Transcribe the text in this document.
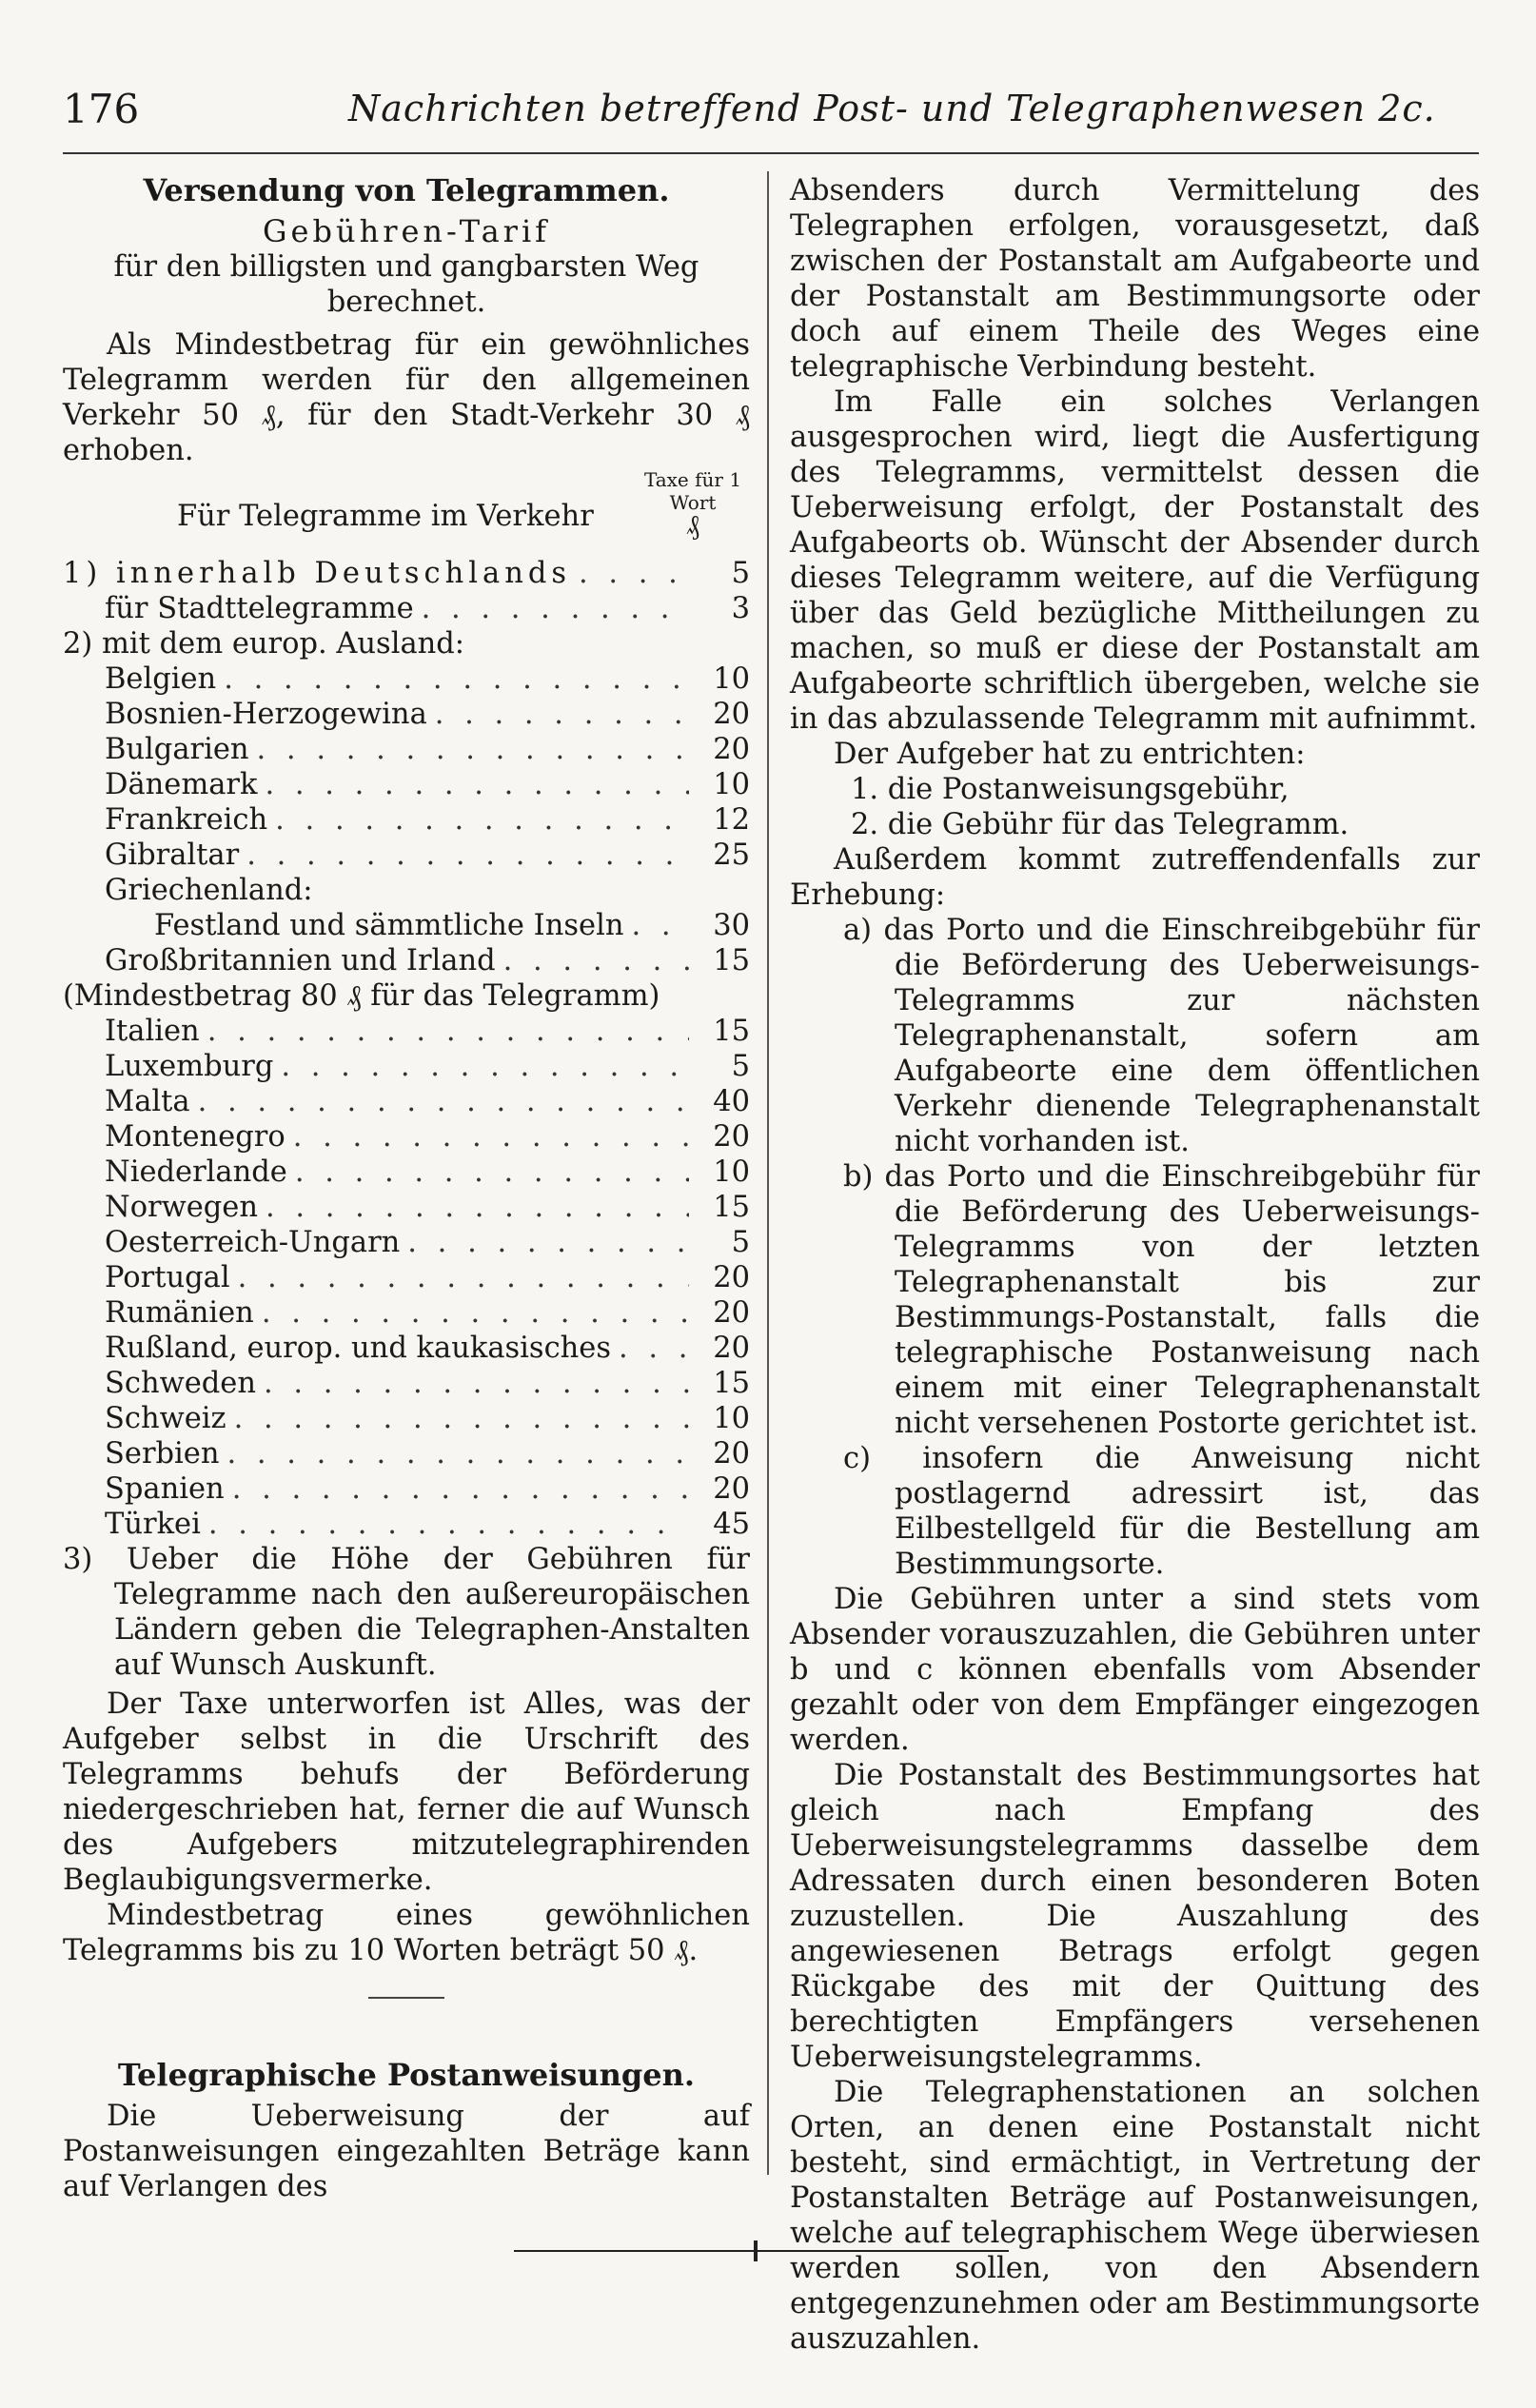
176	Nachrichten betreffend Post- und Telegraphenwesen 2c.

Versendung von Telegrammen.

Gebühren-Tarif

für den billigsten und gangbarsten Weg berechnet.

Als Mindestbetrag für ein gewöhnliches Telegramm werden für den allgemeinen Verkehr 50 ₰, für den Stadt-Verkehr 30 ₰ erhoben.

Für Telegramme im Verkehr
Taxe für 1 Wort
₰
1) innerhalb Deutschlands . . .	5
für Stadttelegramme . . .	3

2) mit dem europ. Ausland:

Belgien . . .	10
Bosnien-Herzogewina . . .	20
Bulgarien . . .	20
Dänemark . . .	10
Frankreich . . .	12
Gibraltar . . .	25

Griechenland:

Festland und sämmtliche Inseln . . .	30
Großbritannien und Irland . . .	15

(Mindestbetrag 80 ₰ für das Telegramm)

Italien . . .	15
Luxemburg . . .	5
Malta . . .	40
Montenegro . . .	20
Niederlande . . .	10
Norwegen . . .	15
Oesterreich-Ungarn . . .	5
Portugal . . .	20
Rumänien . . .	20
Rußland, europ. und kaukasisches . . .	20
Schweden . . .	15
Schweiz . . .	10
Serbien . . .	20
Spanien . . .	20
Türkei . . .	45

3) Ueber die Höhe der Gebühren für Telegramme nach den außereuropäischen Ländern geben die Telegraphen-Anstalten auf Wunsch Auskunft.

Der Taxe unterworfen ist Alles, was der Aufgeber selbst in die Urschrift des Telegramms behufs der Beförderung niedergeschrieben hat, ferner die auf Wunsch des Aufgebers mitzutelegraphirenden Beglaubigungsvermerke.

Mindestbetrag eines gewöhnlichen Telegramms bis zu 10 Worten beträgt 50 ₰.

Telegraphische Postanweisungen.

Die Ueberweisung der auf Postanweisungen eingezahlten Beträge kann auf Verlangen des

Absenders durch Vermittelung des Telegraphen erfolgen, vorausgesetzt, daß zwischen der Postanstalt am Aufgabeorte und der Postanstalt am Bestimmungsorte oder doch auf einem Theile des Weges eine telegraphische Verbindung besteht.

Im Falle ein solches Verlangen ausgesprochen wird, liegt die Ausfertigung des Telegramms, vermittelst dessen die Ueberweisung erfolgt, der Postanstalt des Aufgabeorts ob. Wünscht der Absender durch dieses Telegramm weitere, auf die Verfügung über das Geld bezügliche Mittheilungen zu machen, so muß er diese der Postanstalt am Aufgabeorte schriftlich übergeben, welche sie in das abzulassende Telegramm mit aufnimmt.

Der Aufgeber hat zu entrichten:

1. die Postanweisungsgebühr,

2. die Gebühr für das Telegramm.

Außerdem kommt zutreffendenfalls zur Erhebung:

a) das Porto und die Einschreibgebühr für die Beförderung des Ueberweisungs-Telegramms zur nächsten Telegraphenanstalt, sofern am Aufgabeorte eine dem öffentlichen Verkehr dienende Telegraphenanstalt nicht vorhanden ist.

b) das Porto und die Einschreibgebühr für die Beförderung des Ueberweisungs-Telegramms von der letzten Telegraphenanstalt bis zur Bestimmungs-Postanstalt, falls die telegraphische Postanweisung nach einem mit einer Telegraphenanstalt nicht versehenen Postorte gerichtet ist.

c) insofern die Anweisung nicht postlagernd adressirt ist, das Eilbestellgeld für die Bestellung am Bestimmungsorte.

Die Gebühren unter a sind stets vom Absender vorauszuzahlen, die Gebühren unter b und c können ebenfalls vom Absender gezahlt oder von dem Empfänger eingezogen werden.

Die Postanstalt des Bestimmungsortes hat gleich nach Empfang des Ueberweisungstelegramms dasselbe dem Adressaten durch einen besonderen Boten zuzustellen. Die Auszahlung des angewiesenen Betrags erfolgt gegen Rückgabe des mit der Quittung des berechtigten Empfängers versehenen Ueberweisungstelegramms.

Die Telegraphenstationen an solchen Orten, an denen eine Postanstalt nicht besteht, sind ermächtigt, in Vertretung der Postanstalten Beträge auf Postanweisungen, welche auf telegraphischem Wege überwiesen werden sollen, von den Absendern entgegenzunehmen oder am Bestimmungsorte auszuzahlen.
